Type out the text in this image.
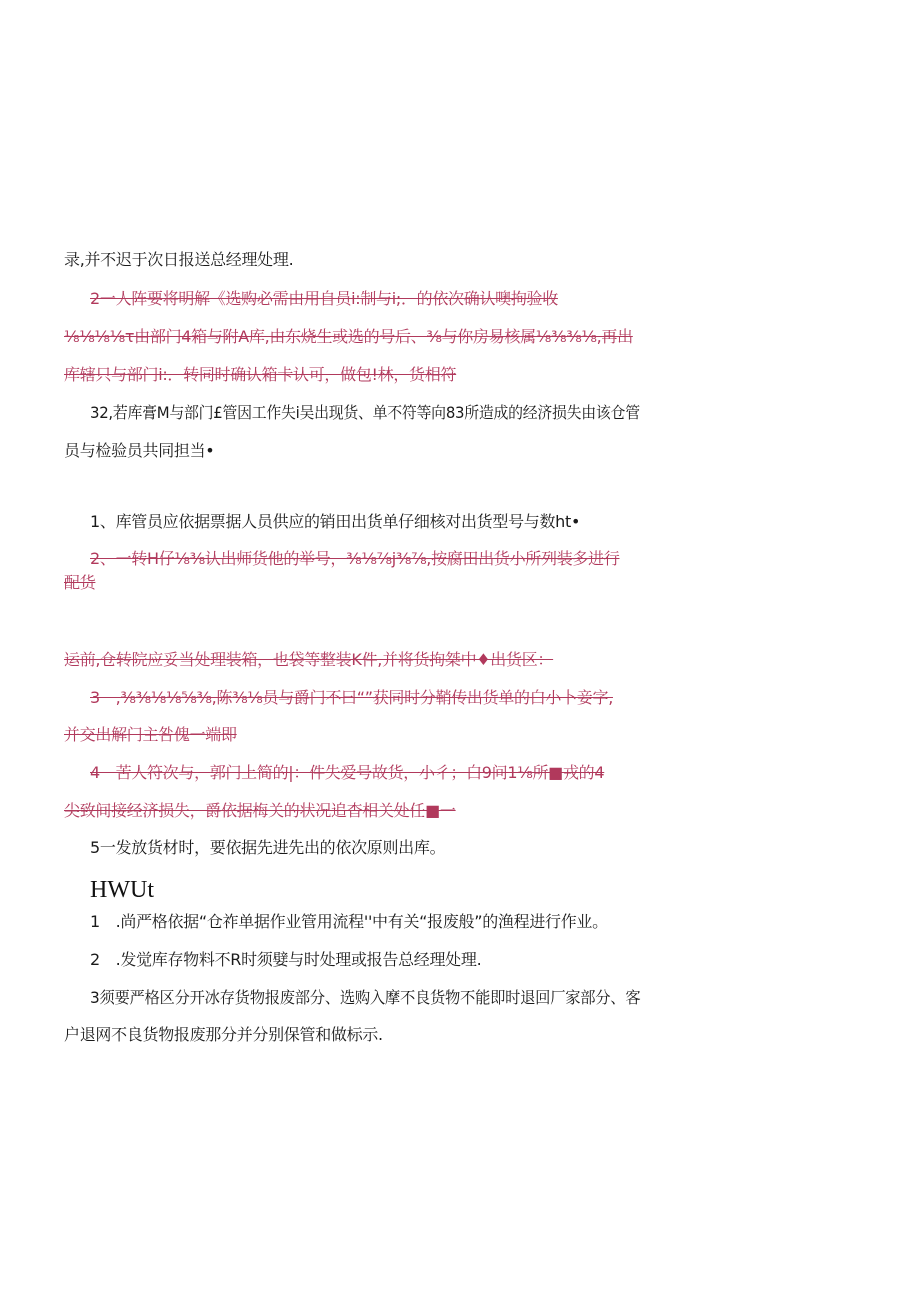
录,并不迟于次日报送总经理处理.
2一人阵要将明解《选购必需由用自员i:制与i;．的依次确认噢拘验收
⅛⅛⅛⅛τ由部门4箱与附A库,由东烧生或选的号后、⅜与你房易核属⅛⅜⅜⅛,再出
库辖只与部门i:．转同时确认箱卡认可，做包!林，货相符
32,若库膏M与部门£管因工作失i吴出现货、单不符等向83所造成的经济损失由该仓管
员与检验员共同担当•
1、库管员应依据票据人员供应的销田出货单仔细核对出货型号与数ht•
2、一转H仔⅛⅜认出师货他的举号，⅜⅛⅞j⅜⅞,按腐田出货小所列装多进行
配货
运前,仓转院应妥当处理装箱，也袋等整装K件,并将货拘桀中♦出货区：
3　,⅜⅜⅛⅛⅝⅜,陈⅜⅛员与爵门不曰“”获同时分鞘传出货单的白小卜妾字,
并交出解门主咎傀一端即
4　苦人符次与，郭门上简的|：件失爱号故货，小彳；白9问1⅛所■戎的4
尖致间接经济损失，爵依据梅关的状况追杳相关处任■一
5一发放货材时，要依据先进先出的依次原则出库。
HWUt
1　.尚严格依据“仓祚单据作业管用流程''中有关“报废般”的渔程进行作业。
2　.发觉库存物料不R时须嬖与时处理或报告总经理处理.
3须要严格区分开冰存货物报废部分、选购入摩不良货物不能即时退回厂家部分、客
户退网不良货物报废那分并分别保管和做标示.
